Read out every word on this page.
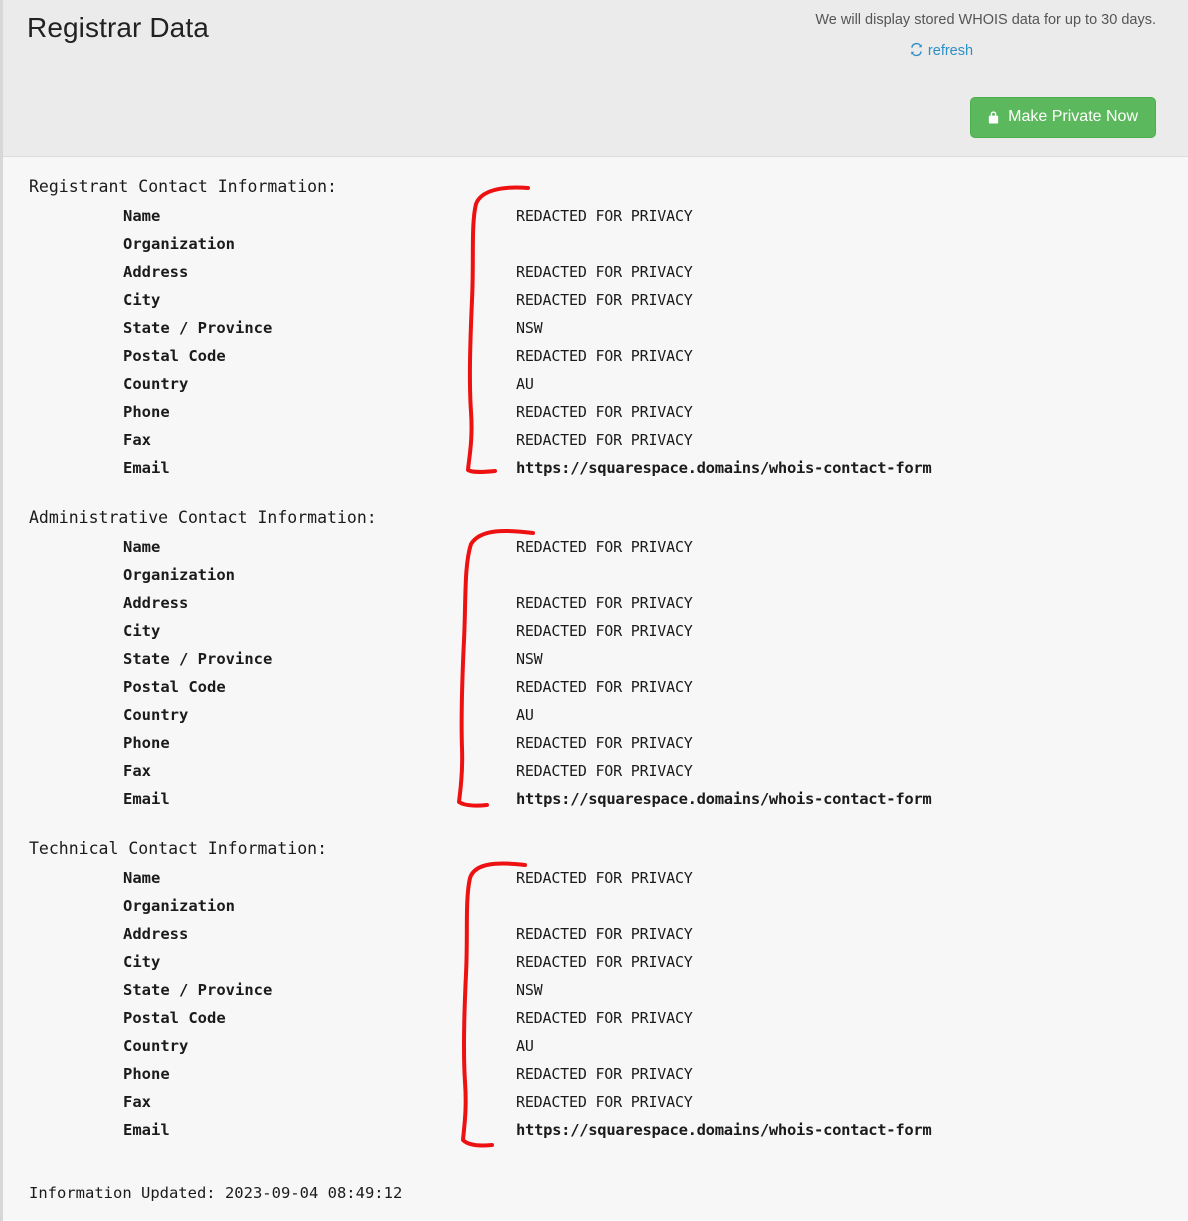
Registrar Data	We will display stored WHOIS data for up to 30 days.
refresh
Make Private Now
Registrant Contact Information:
Name	REDACTED FOR PRIVACY
Organization
Address	REDACTED FOR PRIVACY
City	REDACTED FOR PRIVACY
State / Province	NSW
Postal Code	REDACTED FOR PRIVACY
Country	AU
Phone	REDACTED FOR PRIVACY
Fax	REDACTED FOR PRIVACY
Email	https://squarespace.domains/whois-contact-form
Administrative Contact Information:
Name	REDACTED FOR PRIVACY
Organization
Address	REDACTED FOR PRIVACY
City	REDACTED FOR PRIVACY
State / Province	NSW
Postal Code	REDACTED FOR PRIVACY
Country	AU
Phone	REDACTED FOR PRIVACY
Fax	REDACTED FOR PRIVACY
Email	https://squarespace.domains/whois-contact-form
Technical Contact Information:
Name	REDACTED FOR PRIVACY
Organization
Address	REDACTED FOR PRIVACY
City	REDACTED FOR PRIVACY
State / Province	NSW
Postal Code	REDACTED FOR PRIVACY
Country	AU
Phone	REDACTED FOR PRIVACY
Fax	REDACTED FOR PRIVACY
Email	https://squarespace.domains/whois-contact-form
Information Updated: 2023-09-04 08:49:12
